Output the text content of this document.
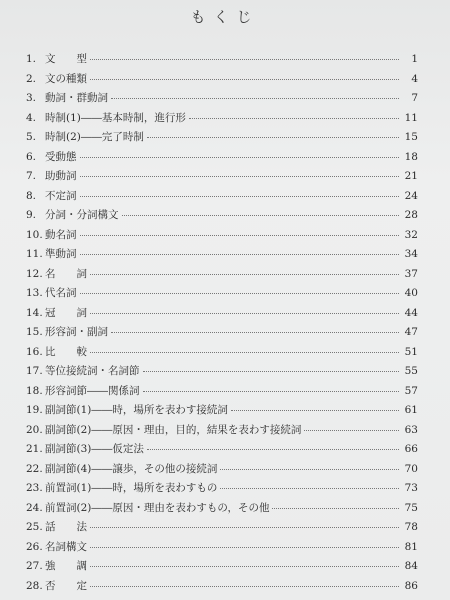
もくじ
1. 文　　型	1
2. 文の種類	4
3. 動詞・群動詞	7
4. 時制(1)――基本時制，進行形	11
5. 時制(2)――完了時制	15
6. 受動態	18
7. 助動詞	21
8. 不定詞	24
9. 分詞・分詞構文	28
10. 動名詞	32
11. 準動詞	34
12. 名　　詞	37
13. 代名詞	40
14. 冠　　詞	44
15. 形容詞・副詞	47
16. 比　　較	51
17. 等位接続詞・名詞節	55
18. 形容詞節――関係詞	57
19. 副詞節(1)――時，場所を表わす接続詞	61
20. 副詞節(2)――原因・理由，目的，結果を表わす接続詞	63
21. 副詞節(3)――仮定法	66
22. 副詞節(4)――譲歩，その他の接続詞	70
23. 前置詞(1)――時，場所を表わすもの	73
24. 前置詞(2)――原因・理由を表わすもの，その他	75
25. 話　　法	78
26. 名詞構文	81
27. 強　　調	84
28. 否　　定	86
